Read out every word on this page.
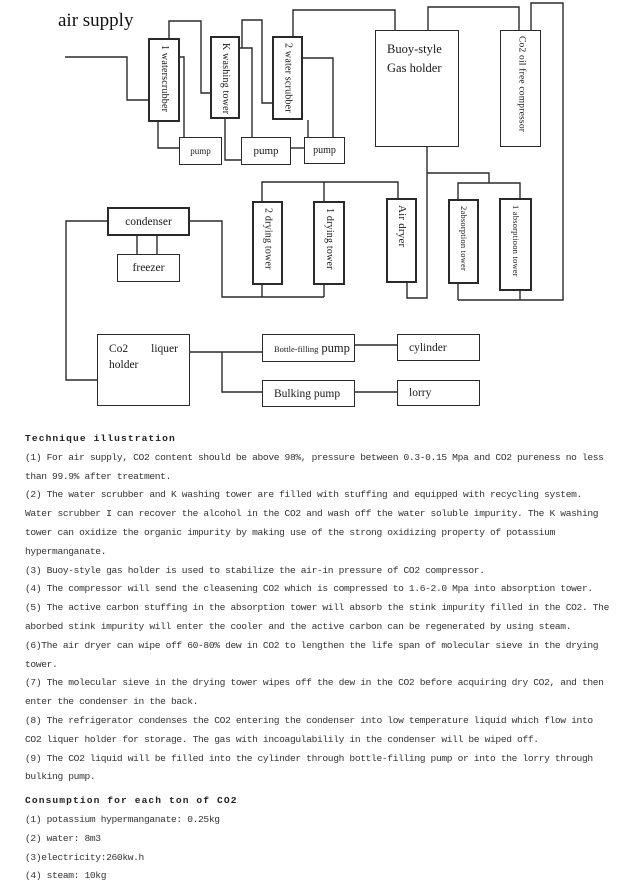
air supply
1 waterscrubber	K washing tower	2 water scrubber	Buoy-style
Gas holder	Co2 oil free compressor
pump	pump	pump
condenser
freezer	2 drying tower	1 drying tower	Air dryer	2absorption tower	1 absorptioon tower
Co2 liquer
holder
Bottle-filling pump	cylinder
Bulking pump	lorry

Technique illustration

(1) For air supply, CO2 content should be above 98%, pressure between 0.3-0.15 Mpa and CO2 pureness no less than 99.9% after treatment.

(2) The water scrubber and K washing tower are filled with stuffing and equipped with recycling system. Water scrubber I can recover the alcohol in the CO2 and wash off the water soluble impurity. The K washing tower can oxidize the organic impurity by making use of the strong oxidizing property of potassium hypermanganate.

(3) Buoy-style gas holder is used to stabilize the air-in pressure of CO2 compressor.

(4) The compressor will send the cleasening CO2 which is compressed to 1.6-2.0 Mpa into absorption tower.

(5) The active carbon stuffing in the absorption tower will absorb the stink impurity filled in the CO2. The aborbed stink impurity will enter the cooler and the active carbon can be regenerated by using steam.

(6)The air dryer can wipe off 60-80% dew in CO2 to lengthen the life span of molecular sieve in the drying tower.

(7) The molecular sieve in the drying tower wipes off the dew in the CO2 before acquiring dry CO2, and then enter the condenser in the back.

(8) The refrigerator condenses the CO2 entering the condenser into low temperature liquid which flow into CO2 liquer holder for storage. The gas with incoagulabilily in the condenser will be wiped off.

(9) The CO2 liquid will be filled into the cylinder through bottle-filling pump or into the lorry through bulking pump.

Consumption for each ton of CO2

(1) potassium hypermanganate: 0.25kg

(2) water: 8m3

(3)electricity:260kw.h

(4) steam: 10kg
